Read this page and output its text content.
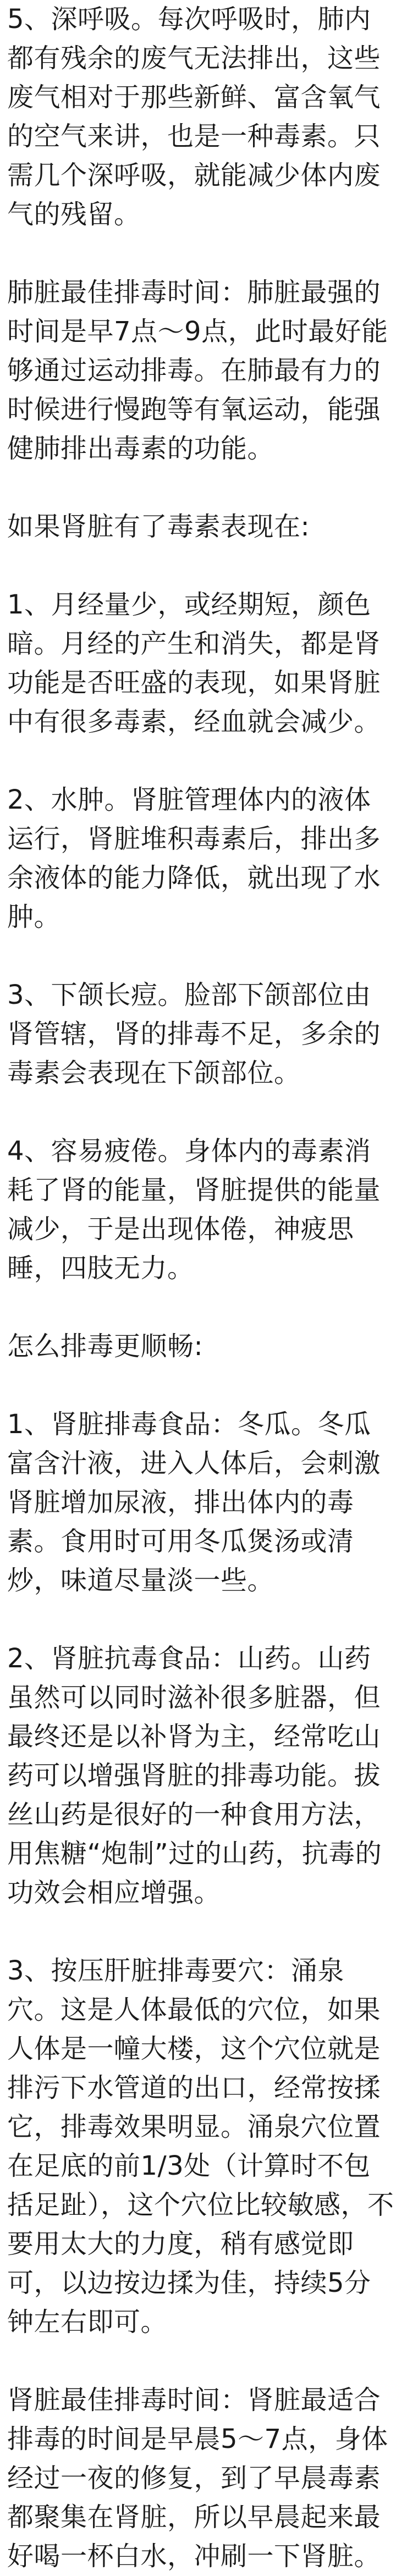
5、深呼吸。每次呼吸时，肺内都有残余的废气无法排出，这些废气相对于那些新鲜、富含氧气的空气来讲，也是一种毒素。只需几个深呼吸，就能减少体内废气的残留。

肺脏最佳排毒时间：肺脏最强的时间是早7点～9点，此时最好能够通过运动排毒。在肺最有力的时候进行慢跑等有氧运动，能强健肺排出毒素的功能。

如果肾脏有了毒素表现在:

1、月经量少，或经期短，颜色暗。月经的产生和消失，都是肾功能是否旺盛的表现，如果肾脏中有很多毒素，经血就会减少。

2、水肿。肾脏管理体内的液体运行，肾脏堆积毒素后，排出多余液体的能力降低，就出现了水肿。

3、下颌长痘。脸部下颌部位由肾管辖，肾的排毒不足，多余的毒素会表现在下颌部位。

4、容易疲倦。身体内的毒素消耗了肾的能量，肾脏提供的能量减少，于是出现体倦，神疲思睡，四肢无力。

怎么排毒更顺畅:

1、肾脏排毒食品：冬瓜。冬瓜富含汁液，进入人体后，会刺激肾脏增加尿液，排出体内的毒素。食用时可用冬瓜煲汤或清炒，味道尽量淡一些。

2、肾脏抗毒食品：山药。山药虽然可以同时滋补很多脏器，但最终还是以补肾为主，经常吃山药可以增强肾脏的排毒功能。拔丝山药是很好的一种食用方法，用焦糖“炮制”过的山药，抗毒的功效会相应增强。

3、按压肝脏排毒要穴：涌泉穴。这是人体最低的穴位，如果人体是一幢大楼，这个穴位就是排污下水管道的出口，经常按揉它，排毒效果明显。涌泉穴位置在足底的前1/3处（计算时不包括足趾），这个穴位比较敏感，不要用太大的力度，稍有感觉即可，以边按边揉为佳，持续5分钟左右即可。

肾脏最佳排毒时间：肾脏最适合排毒的时间是早晨5～7点，身体经过一夜的修复，到了早晨毒素都聚集在肾脏，所以早晨起来最好喝一杯白水，冲刷一下肾脏。
